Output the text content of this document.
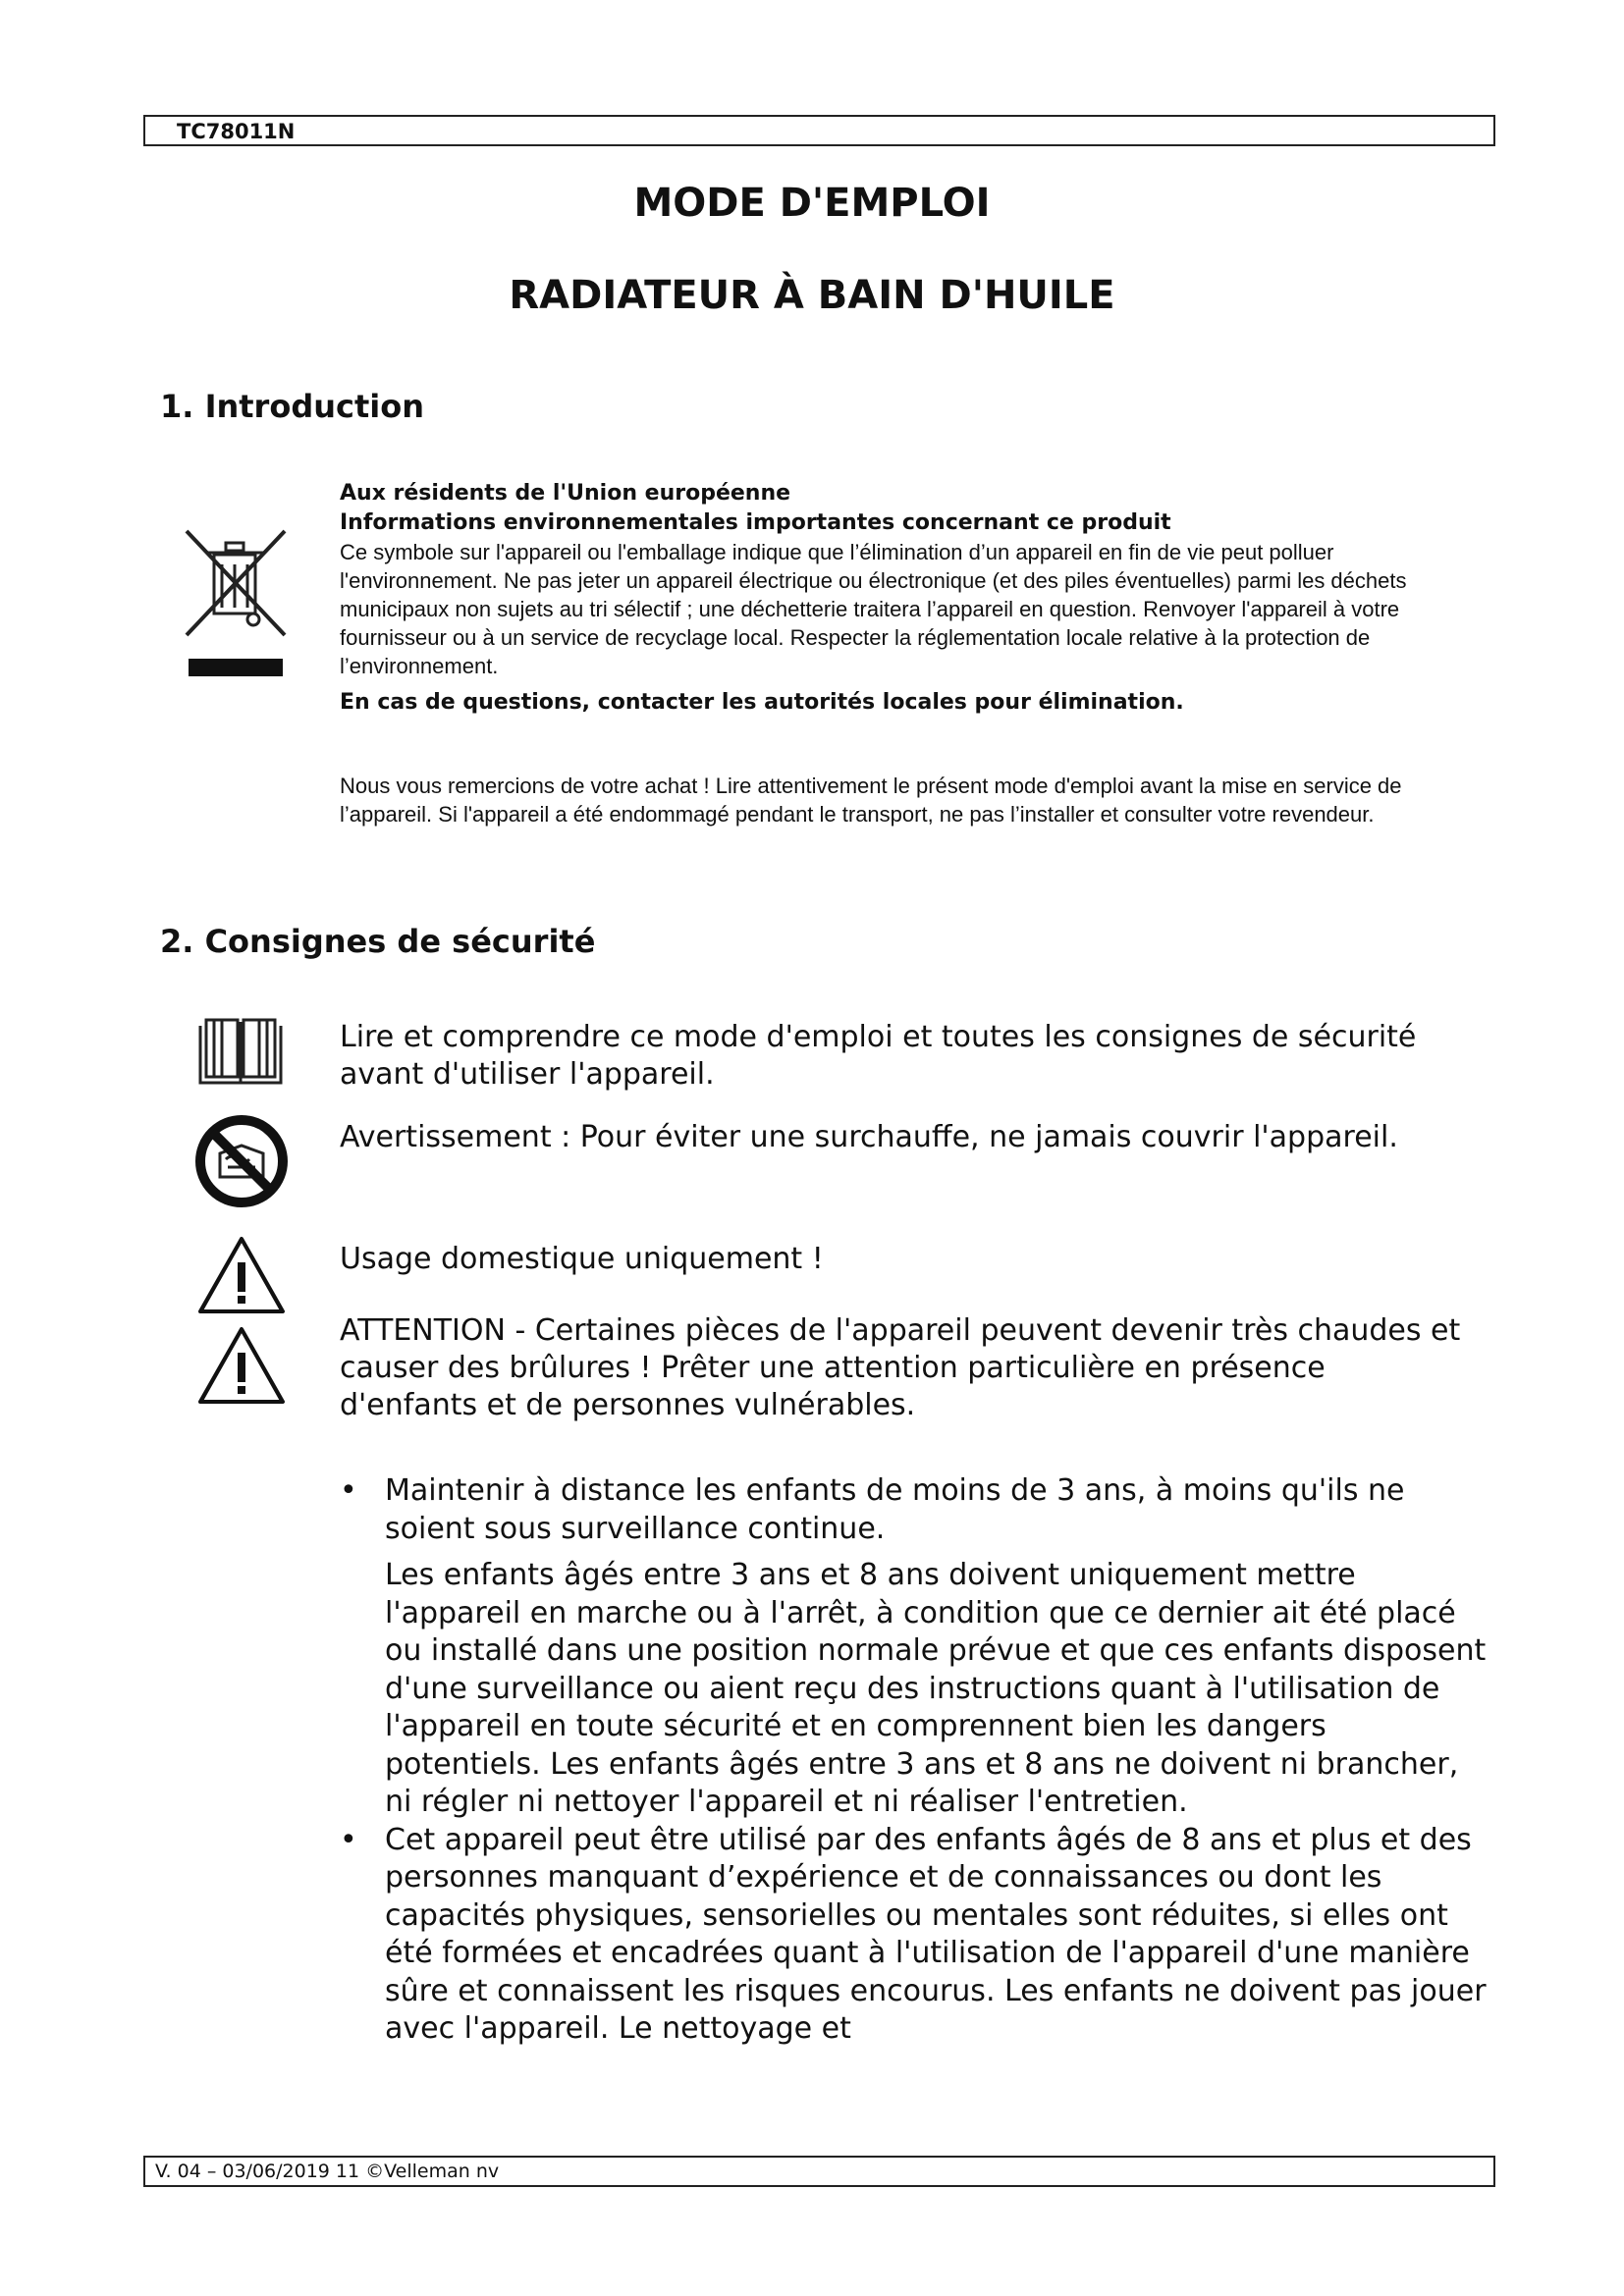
TC78011N
MODE D'EMPLOI
RADIATEUR À BAIN D'HUILE
1. Introduction

Aux résidents de l'Union européenne

Informations environnementales importantes concernant ce produit

Ce symbole sur l'appareil ou l'emballage indique que l’élimination d’un appareil en fin de vie peut polluer l'environnement. Ne pas jeter un appareil électrique ou électronique (et des piles éventuelles) parmi les déchets municipaux non sujets au tri sélectif ; une déchetterie traitera l’appareil en question. Renvoyer l'appareil à votre fournisseur ou à un service de recyclage local. Respecter la réglementation locale relative à la protection de l’environnement.

En cas de questions, contacter les autorités locales pour élimination.

Nous vous remercions de votre achat ! Lire attentivement le présent mode d'emploi avant la mise en service de l’appareil. Si l'appareil a été endommagé pendant le transport, ne pas l’installer et consulter votre revendeur.

2. Consignes de sécurité

Lire et comprendre ce mode d'emploi et toutes les consignes de sécurité avant d'utiliser l'appareil.

Avertissement : Pour éviter une surchauffe, ne jamais couvrir l'appareil.

Usage domestique uniquement !

ATTENTION - Certaines pièces de l'appareil peuvent devenir très chaudes et causer des brûlures ! Prêter une attention particulière en présence d'enfants et de personnes vulnérables.

• Maintenir à distance les enfants de moins de 3 ans, à moins qu'ils ne soient sous surveillance continue.

Les enfants âgés entre 3 ans et 8 ans doivent uniquement mettre l'appareil en marche ou à l'arrêt, à condition que ce dernier ait été placé ou installé dans une position normale prévue et que ces enfants disposent d'une surveillance ou aient reçu des instructions quant à l'utilisation de l'appareil en toute sécurité et en comprennent bien les dangers potentiels. Les enfants âgés entre 3 ans et 8 ans ne doivent ni brancher, ni régler ni nettoyer l'appareil et ni réaliser l'entretien.

• Cet appareil peut être utilisé par des enfants âgés de 8 ans et plus et des personnes manquant d’expérience et de connaissances ou dont les capacités physiques, sensorielles ou mentales sont réduites, si elles ont été formées et encadrées quant à l'utilisation de l'appareil d'une manière sûre et connaissent les risques encourus. Les enfants ne doivent pas jouer avec l'appareil. Le nettoyage et

V. 04 – 03/06/2019 11 ©Velleman nv
